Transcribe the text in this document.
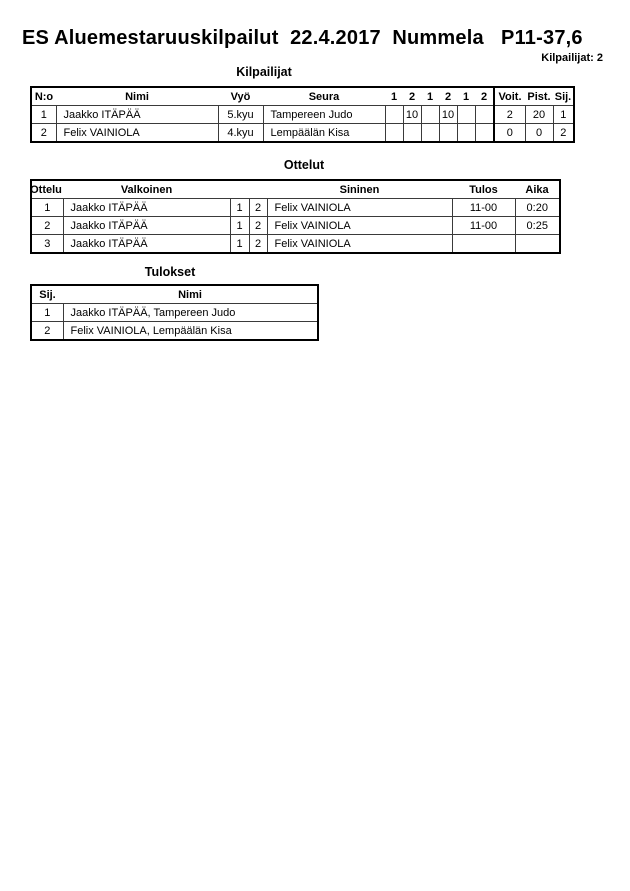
ES Aluemestaruuskilpailut  22.4.2017  Nummela   P11-37,6
Kilpailijat: 2
Kilpailijat
N:o	Nimi	Vyö	Seura	1	2	1	2	1	2	Voit.	Pist.	Sij.
1	Jaakko ITÄPÄÄ	5.kyu	Tampereen Judo		10		10			2	20	1
2	Felix VAINIOLA	4.kyu	Lempäälän Kisa							0	0	2
Ottelut
Ottelu	Valkoinen			Sininen	Tulos	Aika
1	Jaakko ITÄPÄÄ	1	2	Felix VAINIOLA	11-00	0:20
2	Jaakko ITÄPÄÄ	1	2	Felix VAINIOLA	11-00	0:25
3	Jaakko ITÄPÄÄ	1	2	Felix VAINIOLA		
Tulokset
Sij.	Nimi
1	Jaakko ITÄPÄÄ, Tampereen Judo
2	Felix VAINIOLA, Lempäälän Kisa
